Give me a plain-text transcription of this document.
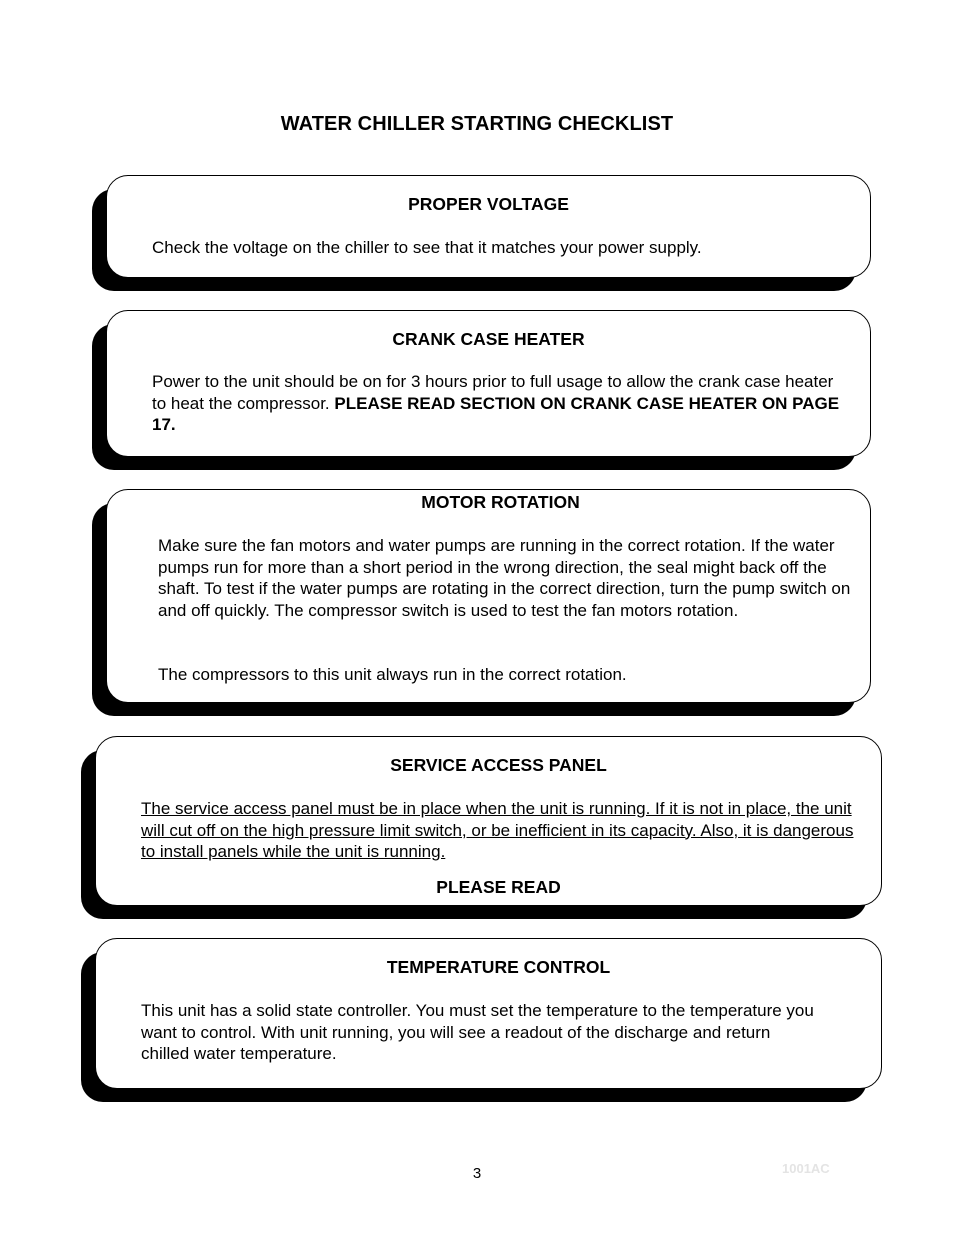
WATER CHILLER STARTING CHECKLIST
PROPER VOLTAGE

Check the voltage on the chiller to see that it matches your power supply.

CRANK CASE HEATER

Power to the unit should be on for 3 hours prior to full usage to allow the crank case heater to heat the compressor. PLEASE READ SECTION ON CRANK CASE HEATER ON PAGE 17.

MOTOR ROTATION

Make sure the fan motors and water pumps are running in the correct rotation. If the water pumps run for more than a short period in the wrong direction, the seal might back off the shaft. To test if the water pumps are rotating in the correct direction, turn the pump switch on and off quickly. The compressor switch is used to test the fan motors rotation.

The compressors to this unit always run in the correct rotation.

SERVICE ACCESS PANEL

The service access panel must be in place when the unit is running. If it is not in place, the unit will cut off on the high pressure limit switch, or be inefficient in its capacity. Also, it is dangerous to install panels while the unit is running.

PLEASE READ
TEMPERATURE CONTROL

This unit has a solid state controller. You must set the temperature to the temperature you want to control. With unit running, you will see a readout of the discharge and return chilled water temperature.

3	1001AC
